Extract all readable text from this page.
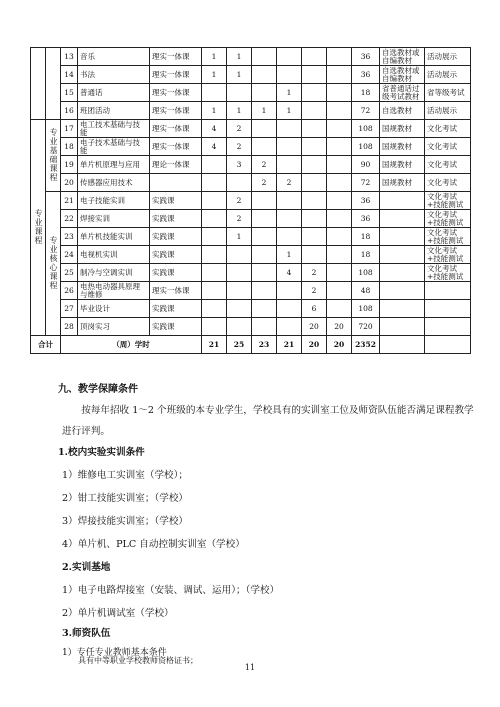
		13	音乐	理实一体课	1	1					36	自选教材或自编教材	活动展示
		14	书法	理实一体课	1	1					36	自选教材或自编教材	活动展示
		15	普通话	理实一体课				1			18	省普通话过级考试教材	省等级考试
		16	班团活动	理实一体课	1	1	1	1			72	自选教材	活动展示
专业课程	专业基础课程	17	电工技术基础与技能	理实一体课	4	2					108	国规教材	文化考试
		18	电子技术基础与技能	理实一体课	4	2					108	国规教材	文化考试
		19	单片机原理与应用	理论一体课		3	2				90	国规教材	文化考试
		20	传感器应用技术				2	2			72	国规教材	文化考试
	专业核心课程	21	电子技能实训	实践课		2					36		文化考试+技能测试
		22	焊接实训	实践课		2					36		文化考试+技能测试
		23	单片机技能实训	实践课		1					18		文化考试+技能测试
		24	电视机实训	实践课				1			18		文化考试+技能测试
		25	制冷与空调实训	实践课				4	2		108		文化考试+技能测试
		26	电热电动器具原理与维修	理实一体课					2		48		
		27	毕业设计	实践课					6		108		
		28	顶岗实习	实践课					20	20	720		
合计		（周）学时			21	25	23	21	20	20	2352		
九、教学保障条件
按每年招收 1～2 个班级的本专业学生，学校具有的实训室工位及师资队伍能否满足课程教学进行评判。
1.校内实验实训条件
1）维修电工实训室（学校）；
2）钳工技能实训室；（学校）
3）焊接技能实训室；（学校）
4）单片机、PLC 自动控制实训室（学校）
2.实训基地
1）电子电路焊接室（安装、调试、运用）；（学校）
2）单片机调试室（学校）
3.师资队伍
1）专任专业教师基本条件
具有中等职业学校教师资格证书；
11
